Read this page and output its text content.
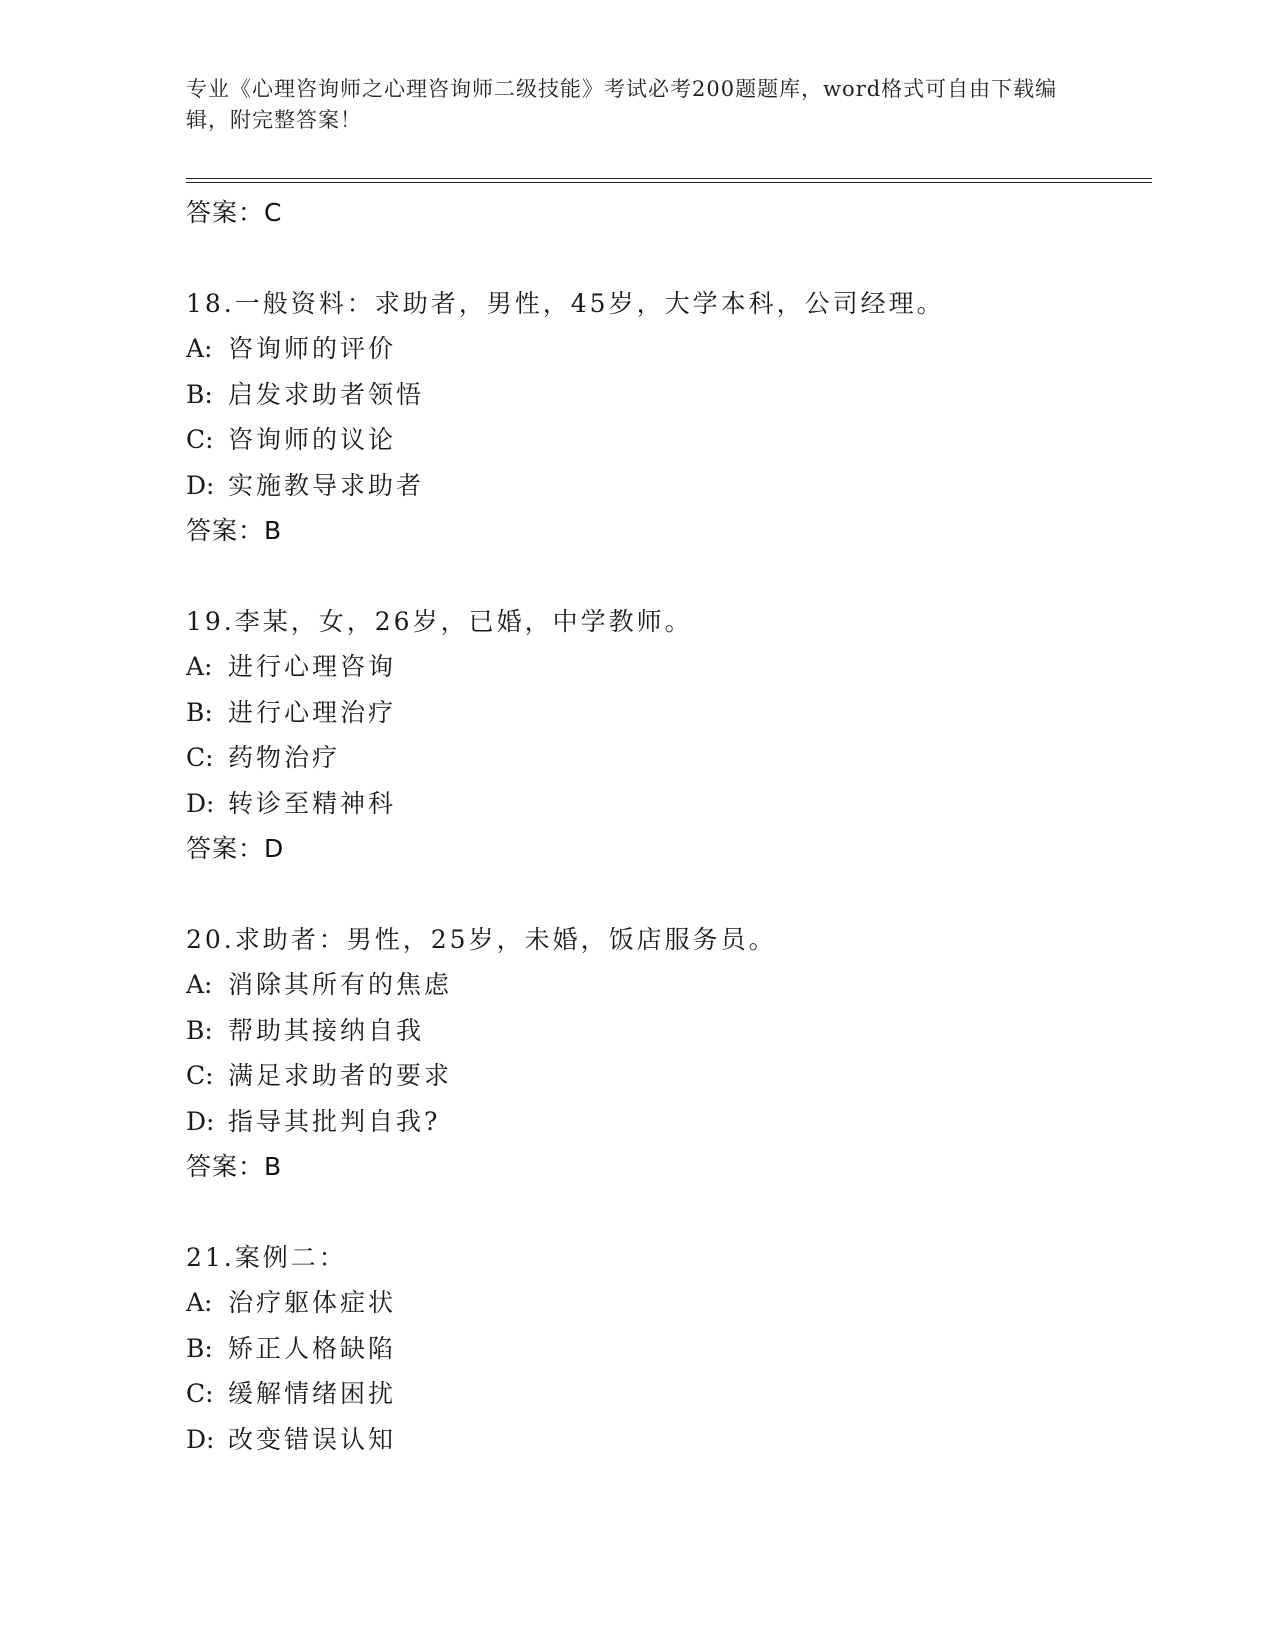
专业《心理咨询师之心理咨询师二级技能》考试必考200题题库，word格式可自由下载编辑，附完整答案！
答案：C
18.一般资料：求助者，男性，45岁，大学本科，公司经理。
A: 咨询师的评价
B: 启发求助者领悟
C: 咨询师的议论
D: 实施教导求助者
答案：B
19.李某，女，26岁，已婚，中学教师。
A: 进行心理咨询
B: 进行心理治疗
C: 药物治疗
D: 转诊至精神科
答案：D
20.求助者：男性，25岁，未婚，饭店服务员。
A: 消除其所有的焦虑
B: 帮助其接纳自我
C: 满足求助者的要求
D: 指导其批判自我?
答案：B
21.案例二：
A: 治疗躯体症状
B: 矫正人格缺陷
C: 缓解情绪困扰
D: 改变错误认知
